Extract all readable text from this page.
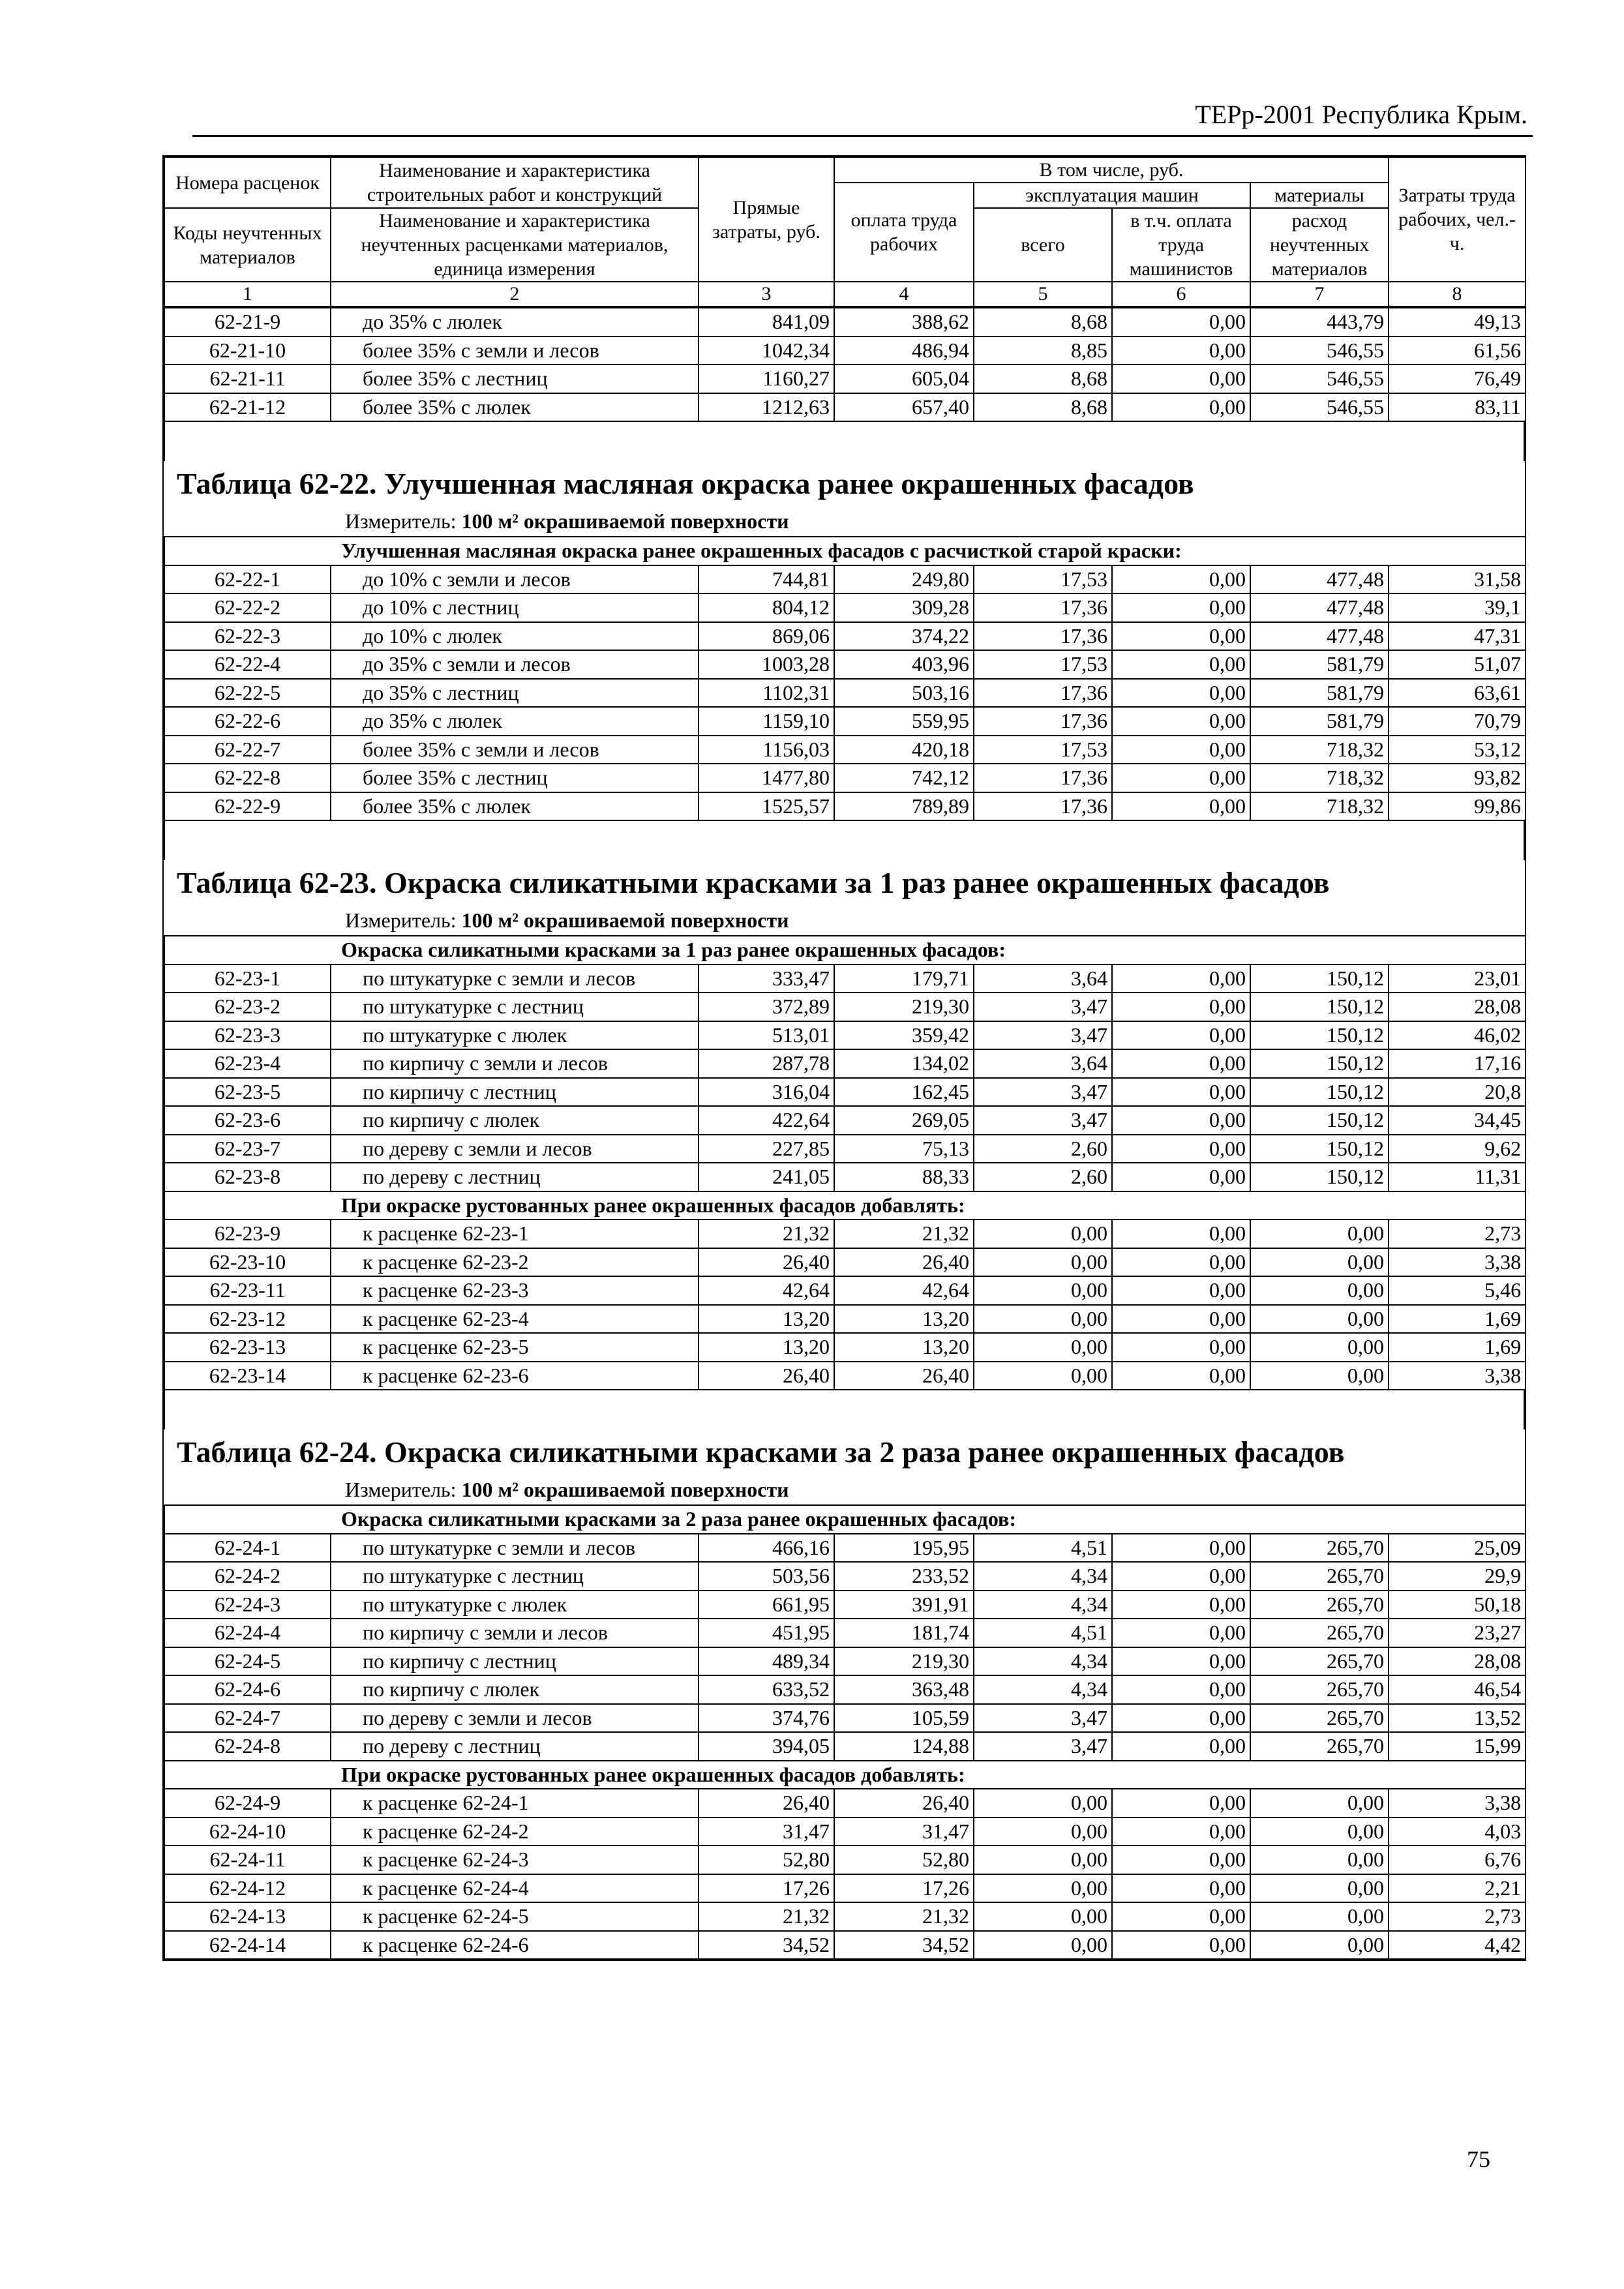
ТЕРр-2001 Республика Крым.
Номера расценок	Наименование и характеристика строительных работ и конструкций	Прямые затраты, руб.	В том числе, руб.				Затраты труда рабочих, чел.-ч.
			оплата труда рабочих	эксплуатация машин		материалы	
Коды неучтенных материалов	Наименование и характеристика неучтенных расценками материалов, единица измерения			всего	в т.ч. оплата труда машинистов	расход неучтенных материалов	

1	2	3	4	5	6	7	8
62-21-9	до 35% с люлек	841,09	388,62	8,68	0,00	443,79	49,13
62-21-10	более 35% с земли и лесов	1042,34	486,94	8,85	0,00	546,55	61,56
62-21-11	более 35% с лестниц	1160,27	605,04	8,68	0,00	546,55	76,49
62-21-12	более 35% с люлек	1212,63	657,40	8,68	0,00	546,55	83,11
Таблица 62-22. Улучшенная масляная окраска ранее окрашенных фасадов
Измеритель: 100 м² окрашиваемой поверхности
Улучшенная масляная окраска ранее окрашенных фасадов с расчисткой старой краски:							
62-22-1	до 10% с земли и лесов	744,81	249,80	17,53	0,00	477,48	31,58
62-22-2	до 10% с лестниц	804,12	309,28	17,36	0,00	477,48	39,1
62-22-3	до 10% с люлек	869,06	374,22	17,36	0,00	477,48	47,31
62-22-4	до 35% с земли и лесов	1003,28	403,96	17,53	0,00	581,79	51,07
62-22-5	до 35% с лестниц	1102,31	503,16	17,36	0,00	581,79	63,61
62-22-6	до 35% с люлек	1159,10	559,95	17,36	0,00	581,79	70,79
62-22-7	более 35% с земли и лесов	1156,03	420,18	17,53	0,00	718,32	53,12
62-22-8	более 35% с лестниц	1477,80	742,12	17,36	0,00	718,32	93,82
62-22-9	более 35% с люлек	1525,57	789,89	17,36	0,00	718,32	99,86
Таблица 62-23. Окраска силикатными красками за 1 раз ранее окрашенных фасадов
Измеритель: 100 м² окрашиваемой поверхности
Окраска силикатными красками за 1 раз ранее окрашенных фасадов:							
62-23-1	по штукатурке с земли и лесов	333,47	179,71	3,64	0,00	150,12	23,01
62-23-2	по штукатурке с лестниц	372,89	219,30	3,47	0,00	150,12	28,08
62-23-3	по штукатурке с люлек	513,01	359,42	3,47	0,00	150,12	46,02
62-23-4	по кирпичу с земли и лесов	287,78	134,02	3,64	0,00	150,12	17,16
62-23-5	по кирпичу с лестниц	316,04	162,45	3,47	0,00	150,12	20,8
62-23-6	по кирпичу с люлек	422,64	269,05	3,47	0,00	150,12	34,45
62-23-7	по дереву с земли и лесов	227,85	75,13	2,60	0,00	150,12	9,62
62-23-8	по дереву с лестниц	241,05	88,33	2,60	0,00	150,12	11,31
При окраске рустованных ранее окрашенных фасадов добавлять:							
62-23-9	к расценке 62-23-1	21,32	21,32	0,00	0,00	0,00	2,73
62-23-10	к расценке 62-23-2	26,40	26,40	0,00	0,00	0,00	3,38
62-23-11	к расценке 62-23-3	42,64	42,64	0,00	0,00	0,00	5,46
62-23-12	к расценке 62-23-4	13,20	13,20	0,00	0,00	0,00	1,69
62-23-13	к расценке 62-23-5	13,20	13,20	0,00	0,00	0,00	1,69
62-23-14	к расценке 62-23-6	26,40	26,40	0,00	0,00	0,00	3,38
Таблица 62-24. Окраска силикатными красками за 2 раза ранее окрашенных фасадов
Измеритель: 100 м² окрашиваемой поверхности
Окраска силикатными красками за 2 раза ранее окрашенных фасадов:							
62-24-1	по штукатурке с земли и лесов	466,16	195,95	4,51	0,00	265,70	25,09
62-24-2	по штукатурке с лестниц	503,56	233,52	4,34	0,00	265,70	29,9
62-24-3	по штукатурке с люлек	661,95	391,91	4,34	0,00	265,70	50,18
62-24-4	по кирпичу с земли и лесов	451,95	181,74	4,51	0,00	265,70	23,27
62-24-5	по кирпичу с лестниц	489,34	219,30	4,34	0,00	265,70	28,08
62-24-6	по кирпичу с люлек	633,52	363,48	4,34	0,00	265,70	46,54
62-24-7	по дереву с земли и лесов	374,76	105,59	3,47	0,00	265,70	13,52
62-24-8	по дереву с лестниц	394,05	124,88	3,47	0,00	265,70	15,99
При окраске рустованных ранее окрашенных фасадов добавлять:							
62-24-9	к расценке 62-24-1	26,40	26,40	0,00	0,00	0,00	3,38
62-24-10	к расценке 62-24-2	31,47	31,47	0,00	0,00	0,00	4,03
62-24-11	к расценке 62-24-3	52,80	52,80	0,00	0,00	0,00	6,76
62-24-12	к расценке 62-24-4	17,26	17,26	0,00	0,00	0,00	2,21
62-24-13	к расценке 62-24-5	21,32	21,32	0,00	0,00	0,00	2,73
62-24-14	к расценке 62-24-6	34,52	34,52	0,00	0,00	0,00	4,42
75
